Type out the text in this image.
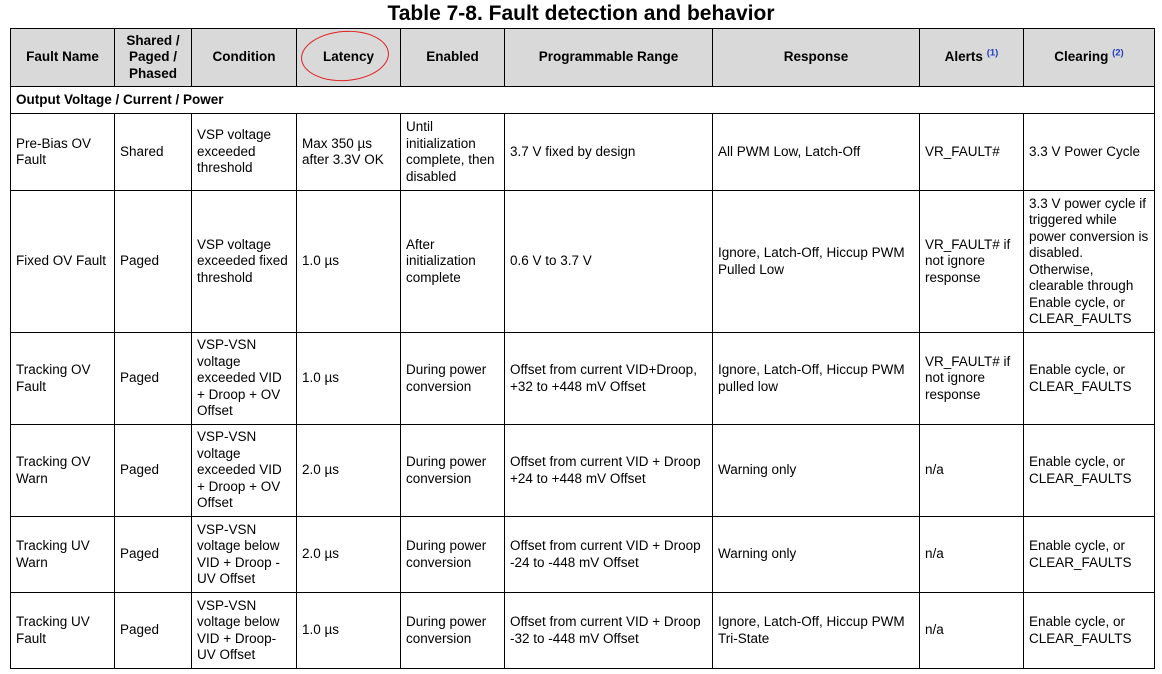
Table 7-8. Fault detection and behavior
Fault Name	Shared / Paged / Phased	Condition	Latency	Enabled	Programmable Range	Response	Alerts $^{(1)}$	Clearing $^{(2)}$
Output Voltage / Current / Power								
Pre-Bias OV Fault	Shared	VSP voltage exceeded threshold	Max 350 µs after 3.3V OK	Until initialization complete, then disabled	3.7 V fixed by design	All PWM Low, Latch-Off	VR_FAULT#	3.3 V Power Cycle
Fixed OV Fault	Paged	VSP voltage exceeded fixed threshold	1.0 µs	After initialization complete	0.6 V to 3.7 V	Ignore, Latch-Off, Hiccup PWM Pulled Low	VR_FAULT# if not ignore response	3.3 V power cycle if triggered while power conversion is disabled. Otherwise, clearable through Enable cycle, or CLEAR_FAULTS
Tracking OV Fault	Paged	VSP-VSN voltage exceeded VID + Droop + OV Offset	1.0 µs	During power conversion	Offset from current VID+Droop, +32 to +448 mV Offset	Ignore, Latch-Off, Hiccup PWM pulled low	VR_FAULT# if not ignore response	Enable cycle, or CLEAR_FAULTS
Tracking OV Warn	Paged	VSP-VSN voltage exceeded VID + Droop + OV Offset	2.0 µs	During power conversion	Offset from current VID + Droop +24 to +448 mV Offset	Warning only	n/a	Enable cycle, or CLEAR_FAULTS
Tracking UV Warn	Paged	VSP-VSN voltage below VID + Droop - UV Offset	2.0 µs	During power conversion	Offset from current VID + Droop -24 to -448 mV Offset	Warning only	n/a	Enable cycle, or CLEAR_FAULTS
Tracking UV Fault	Paged	VSP-VSN voltage below VID + Droop- UV Offset	1.0 µs	During power conversion	Offset from current VID + Droop -32 to -448 mV Offset	Ignore, Latch-Off, Hiccup PWM Tri-State	n/a	Enable cycle, or CLEAR_FAULTS
